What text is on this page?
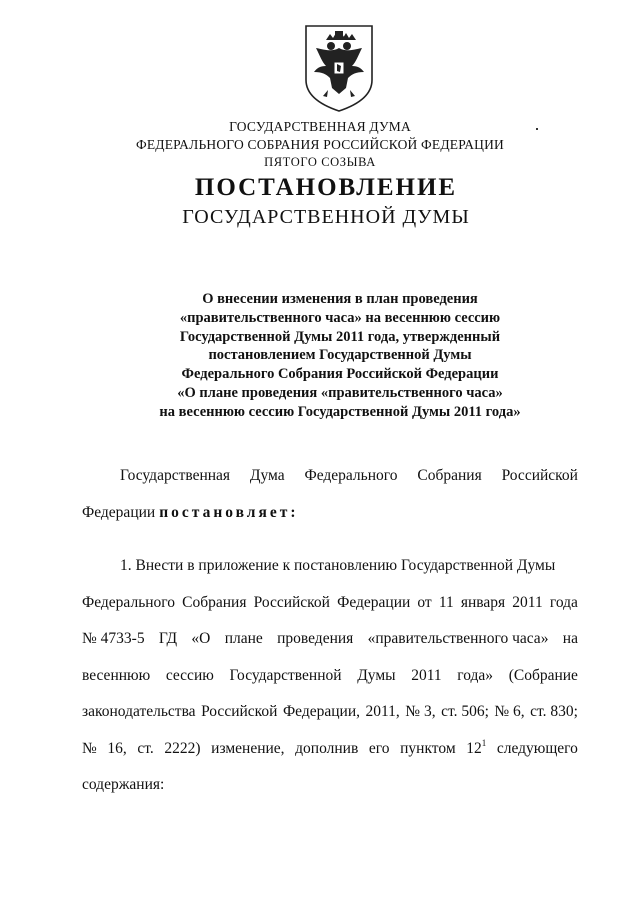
ГОСУДАРСТВЕННАЯ ДУМА
ФЕДЕРАЛЬНОГО СОБРАНИЯ РОССИЙСКОЙ ФЕДЕРАЦИИ
ПЯТОГО СОЗЫВА
ПОСТАНОВЛЕНИЕ
ГОСУДАРСТВЕННОЙ ДУМЫ
О внесении изменения в план проведения
«правительственного часа» на весеннюю сессию
Государственной Думы 2011 года, утвержденный
постановлением Государственной Думы
Федерального Собрания Российской Федерации
«О плане проведения «правительственного часа»
на весеннюю сессию Государственной Думы 2011 года»
Государственная Дума Федерального Собрания Российской
Федерации постановляет:
1. Внести в приложение к постановлению Государственной Думы
Федерального Собрания Российской Федерации от 11 января 2011 года
№ 4733-5 ГД «О плане проведения «правительственного часа» на
весеннюю сессию Государственной Думы 2011 года» (Собрание
законодательства Российской Федерации, 2011, № 3, ст. 506; № 6, ст. 830;
№ 16, ст. 2222) изменение, дополнив его пунктом $12^1$ следующего
содержания:
